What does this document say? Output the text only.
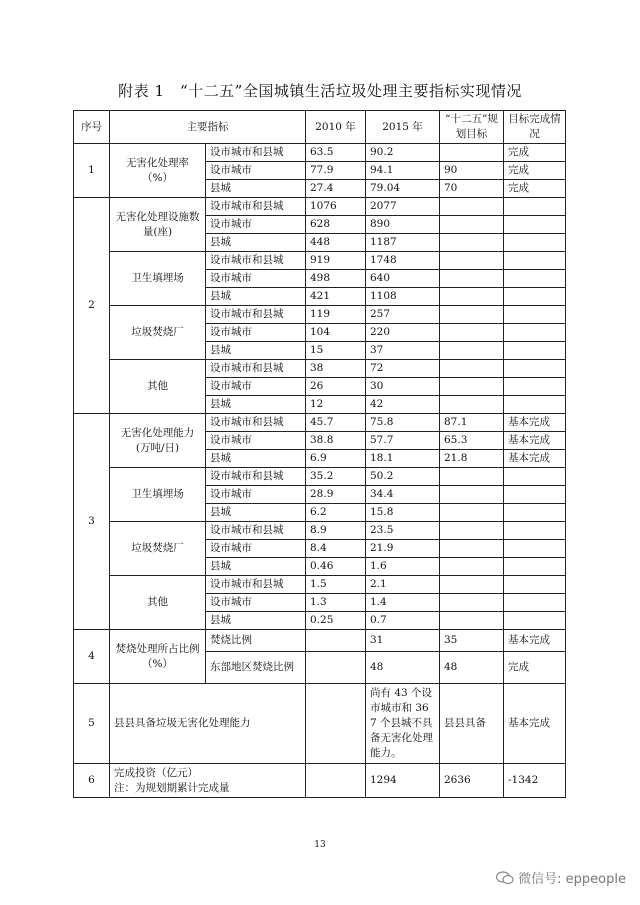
附表 1　“十二五”全国城镇生活垃圾处理主要指标实现情况
序号	主要指标		2010 年	2015 年	“十二五”规划目标	目标完成情况
1	无害化处理率（%）	设市城市和县城	63.5	90.2		完成
		设市城市	77.9	94.1	90	完成
		县城	27.4	79.04	70	完成
2	无害化处理设施数量(座)	设市城市和县城	1076	2077		
		设市城市	628	890		
		县城	448	1187		
	卫生填埋场	设市城市和县城	919	1748		
		设市城市	498	640		
		县城	421	1108		
	垃圾焚烧厂	设市城市和县城	119	257		
		设市城市	104	220		
		县城	15	37		
	其他	设市城市和县城	38	72		
		设市城市	26	30		
		县城	12	42		
3	无害化处理能力(万吨/日)	设市城市和县城	45.7	75.8	87.1	基本完成
		设市城市	38.8	57.7	65.3	基本完成
		县城	6.9	18.1	21.8	基本完成
	卫生填埋场	设市城市和县城	35.2	50.2		
		设市城市	28.9	34.4		
		县城	6.2	15.8		
	垃圾焚烧厂	设市城市和县城	8.9	23.5		
		设市城市	8.4	21.9		
		县城	0.46	1.6		
	其他	设市城市和县城	1.5	2.1		
		设市城市	1.3	1.4		
		县城	0.25	0.7		
4	焚烧处理所占比例（%）	焚烧比例		31	35	基本完成
		东部地区焚烧比例		48	48	完成
5	县县具备垃圾无害化处理能力			尚有 43 个设市城市和 367 个县城不具备无害化处理能力。	县县具备	基本完成
6	完成投资（亿元）
注：为规划期累计完成量			1294	2636	-1342
13
微信号: eppeople
